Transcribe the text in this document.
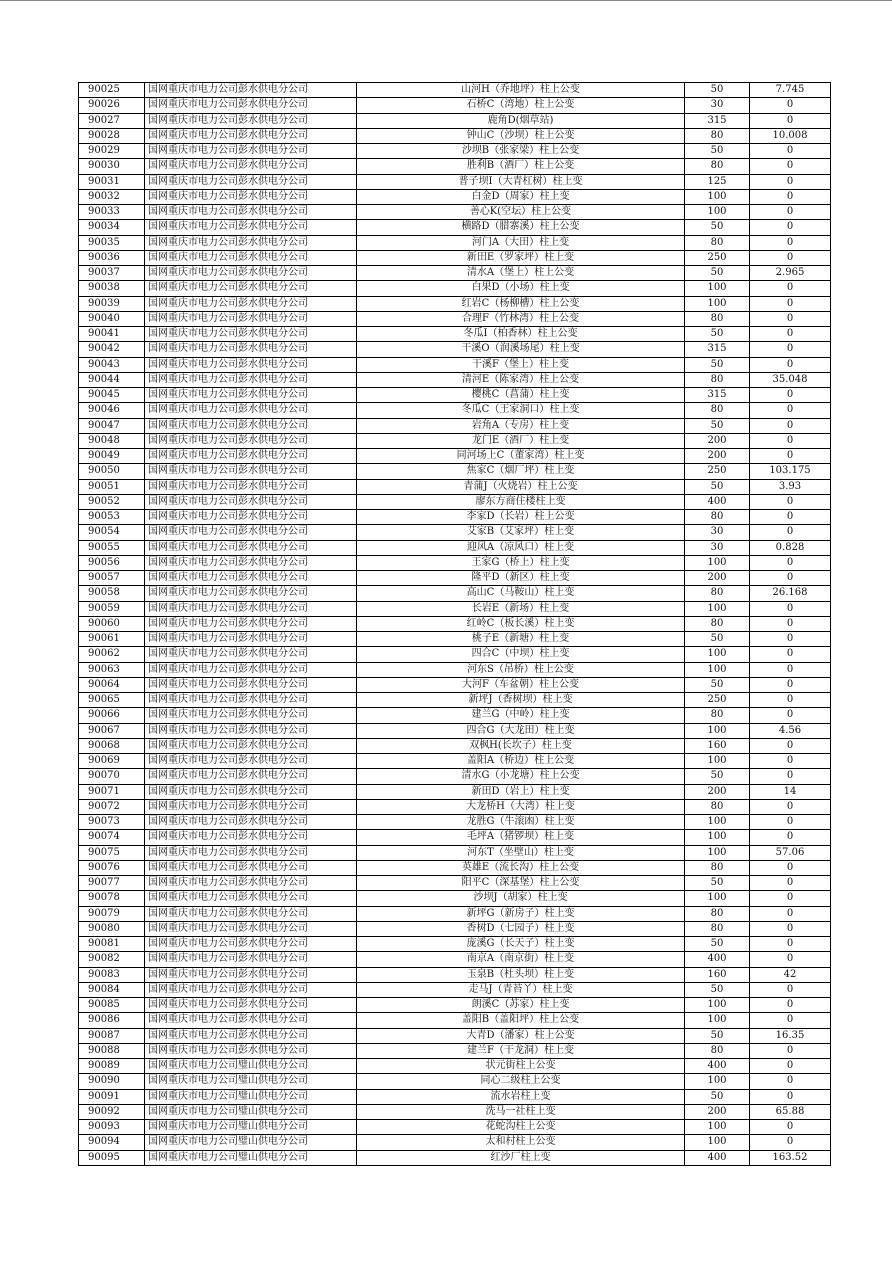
90025	国网重庆市电力公司彭水供电分公司	山河H（乔地坪）柱上公变	50	7.745
90026	国网重庆市电力公司彭水供电分公司	石桥C（湾地）柱上公变	30	0
90027	国网重庆市电力公司彭水供电分公司	鹿角D(烟草站)	315	0
90028	国网重庆市电力公司彭水供电分公司	钟山C（沙坝）柱上公变	80	10.008
90029	国网重庆市电力公司彭水供电分公司	沙坝B（张家梁）柱上公变	50	0
90030	国网重庆市电力公司彭水供电分公司	胜利B（酒厂）柱上公变	80	0
90031	国网重庆市电力公司彭水供电分公司	普子坝I（大青杠树）柱上变	125	0
90032	国网重庆市电力公司彭水供电分公司	白金D（周家）柱上变	100	0
90033	国网重庆市电力公司彭水供电分公司	善心K(空坛）柱上公变	100	0
90034	国网重庆市电力公司彭水供电分公司	横路D（腊寨溪）柱上公变	50	0
90035	国网重庆市电力公司彭水供电分公司	河门A（大田）柱上变	80	0
90036	国网重庆市电力公司彭水供电分公司	新田E（罗家坪）柱上变	250	0
90037	国网重庆市电力公司彭水供电分公司	清水A（堡上）柱上公变	50	2.965
90038	国网重庆市电力公司彭水供电分公司	白果D（小场）柱上变	100	0
90039	国网重庆市电力公司彭水供电分公司	红岩C（杨柳槽）柱上公变	100	0
90040	国网重庆市电力公司彭水供电分公司	合理F（竹林湾）柱上公变	80	0
90041	国网重庆市电力公司彭水供电分公司	冬瓜I（柏香林）柱上公变	50	0
90042	国网重庆市电力公司彭水供电分公司	干溪O（润溪场尾）柱上变	315	0
90043	国网重庆市电力公司彭水供电分公司	干溪F（堡上）柱上变	50	0
90044	国网重庆市电力公司彭水供电分公司	清河E（陈家湾）柱上公变	80	35.048
90045	国网重庆市电力公司彭水供电分公司	樱桃C（菖蒲）柱上变	315	0
90046	国网重庆市电力公司彭水供电分公司	冬瓜C（王家洞口）柱上变	80	0
90047	国网重庆市电力公司彭水供电分公司	岩角A（专房）柱上变	50	0
90048	国网重庆市电力公司彭水供电分公司	龙门E（酒厂）柱上变	200	0
90049	国网重庆市电力公司彭水供电分公司	同河场上C（董家湾）柱上变	200	0
90050	国网重庆市电力公司彭水供电分公司	焦家C（烟厂坪）柱上变	250	103.175
90051	国网重庆市电力公司彭水供电分公司	青蒲J（火烧岩）柱上公变	50	3.93
90052	国网重庆市电力公司彭水供电分公司	廖东方商住楼柱上变	400	0
90053	国网重庆市电力公司彭水供电分公司	李家D（长岩）柱上公变	80	0
90054	国网重庆市电力公司彭水供电分公司	艾家B（艾家坪）柱上变	30	0
90055	国网重庆市电力公司彭水供电分公司	迎风A（凉风口）柱上变	30	0.828
90056	国网重庆市电力公司彭水供电分公司	王家G（桥上）柱上变	100	0
90057	国网重庆市电力公司彭水供电分公司	隆平D（新区）柱上变	200	0
90058	国网重庆市电力公司彭水供电分公司	高山C（马鞍山）柱上变	80	26.168
90059	国网重庆市电力公司彭水供电分公司	长岩E（新场）柱上变	100	0
90060	国网重庆市电力公司彭水供电分公司	红岭C（板长溪）柱上变	80	0
90061	国网重庆市电力公司彭水供电分公司	桃子E（新塘）柱上变	50	0
90062	国网重庆市电力公司彭水供电分公司	四合C（中坝）柱上变	100	0
90063	国网重庆市电力公司彭水供电分公司	河东S（吊桥）柱上公变	100	0
90064	国网重庆市电力公司彭水供电分公司	大河F（车盆朝）柱上公变	50	0
90065	国网重庆市电力公司彭水供电分公司	新坪J（香树坝）柱上变	250	0
90066	国网重庆市电力公司彭水供电分公司	建兰G（中岭）柱上变	80	0
90067	国网重庆市电力公司彭水供电分公司	四合G（大龙田）柱上变	100	4.56
90068	国网重庆市电力公司彭水供电分公司	双枫H(长坎子）柱上变	160	0
90069	国网重庆市电力公司彭水供电分公司	盖阳A（桥边）柱上公变	100	0
90070	国网重庆市电力公司彭水供电分公司	清水G（小龙塘）柱上公变	50	0
90071	国网重庆市电力公司彭水供电分公司	新田D（岩上）柱上变	200	14
90072	国网重庆市电力公司彭水供电分公司	大龙桥H（大湾）柱上变	80	0
90073	国网重庆市电力公司彭水供电分公司	龙胜G（牛滚凼）柱上变	100	0
90074	国网重庆市电力公司彭水供电分公司	毛坪A（猪锣坝）柱上变	100	0
90075	国网重庆市电力公司彭水供电分公司	河东T（坐壁山）柱上变	100	57.06
90076	国网重庆市电力公司彭水供电分公司	英雄E（流长沟）柱上公变	80	0
90077	国网重庆市电力公司彭水供电分公司	阳平C（深基堡）柱上公变	50	0
90078	国网重庆市电力公司彭水供电分公司	沙坝J（胡家）柱上变	100	0
90079	国网重庆市电力公司彭水供电分公司	新坪G（新房子）柱上变	80	0
90080	国网重庆市电力公司彭水供电分公司	香树D（七园子）柱上变	80	0
90081	国网重庆市电力公司彭水供电分公司	庞溪G（长天子）柱上变	50	0
90082	国网重庆市电力公司彭水供电分公司	南京A（南京街）柱上变	400	0
90083	国网重庆市电力公司彭水供电分公司	玉泉B（杜头坝）柱上变	160	42
90084	国网重庆市电力公司彭水供电分公司	走马J（青苔丫）柱上变	50	0
90085	国网重庆市电力公司彭水供电分公司	朗溪C（苏家）柱上变	100	0
90086	国网重庆市电力公司彭水供电分公司	盖阳B（盖阳坪）柱上公变	100	0
90087	国网重庆市电力公司彭水供电分公司	大青D（潘家）柱上公变	50	16.35
90088	国网重庆市电力公司彭水供电分公司	建兰F（干龙洞）柱上变	80	0
90089	国网重庆市电力公司璧山供电分公司	状元街柱上公变	400	0
90090	国网重庆市电力公司璧山供电分公司	同心二级柱上公变	100	0
90091	国网重庆市电力公司璧山供电分公司	流水岩柱上变	50	0
90092	国网重庆市电力公司璧山供电分公司	洗马一社柱上变	200	65.88
90093	国网重庆市电力公司璧山供电分公司	花蛇沟柱上公变	100	0
90094	国网重庆市电力公司璧山供电分公司	太和村柱上公变	100	0
90095	国网重庆市电力公司璧山供电分公司	红沙厂柱上变	400	163.52
